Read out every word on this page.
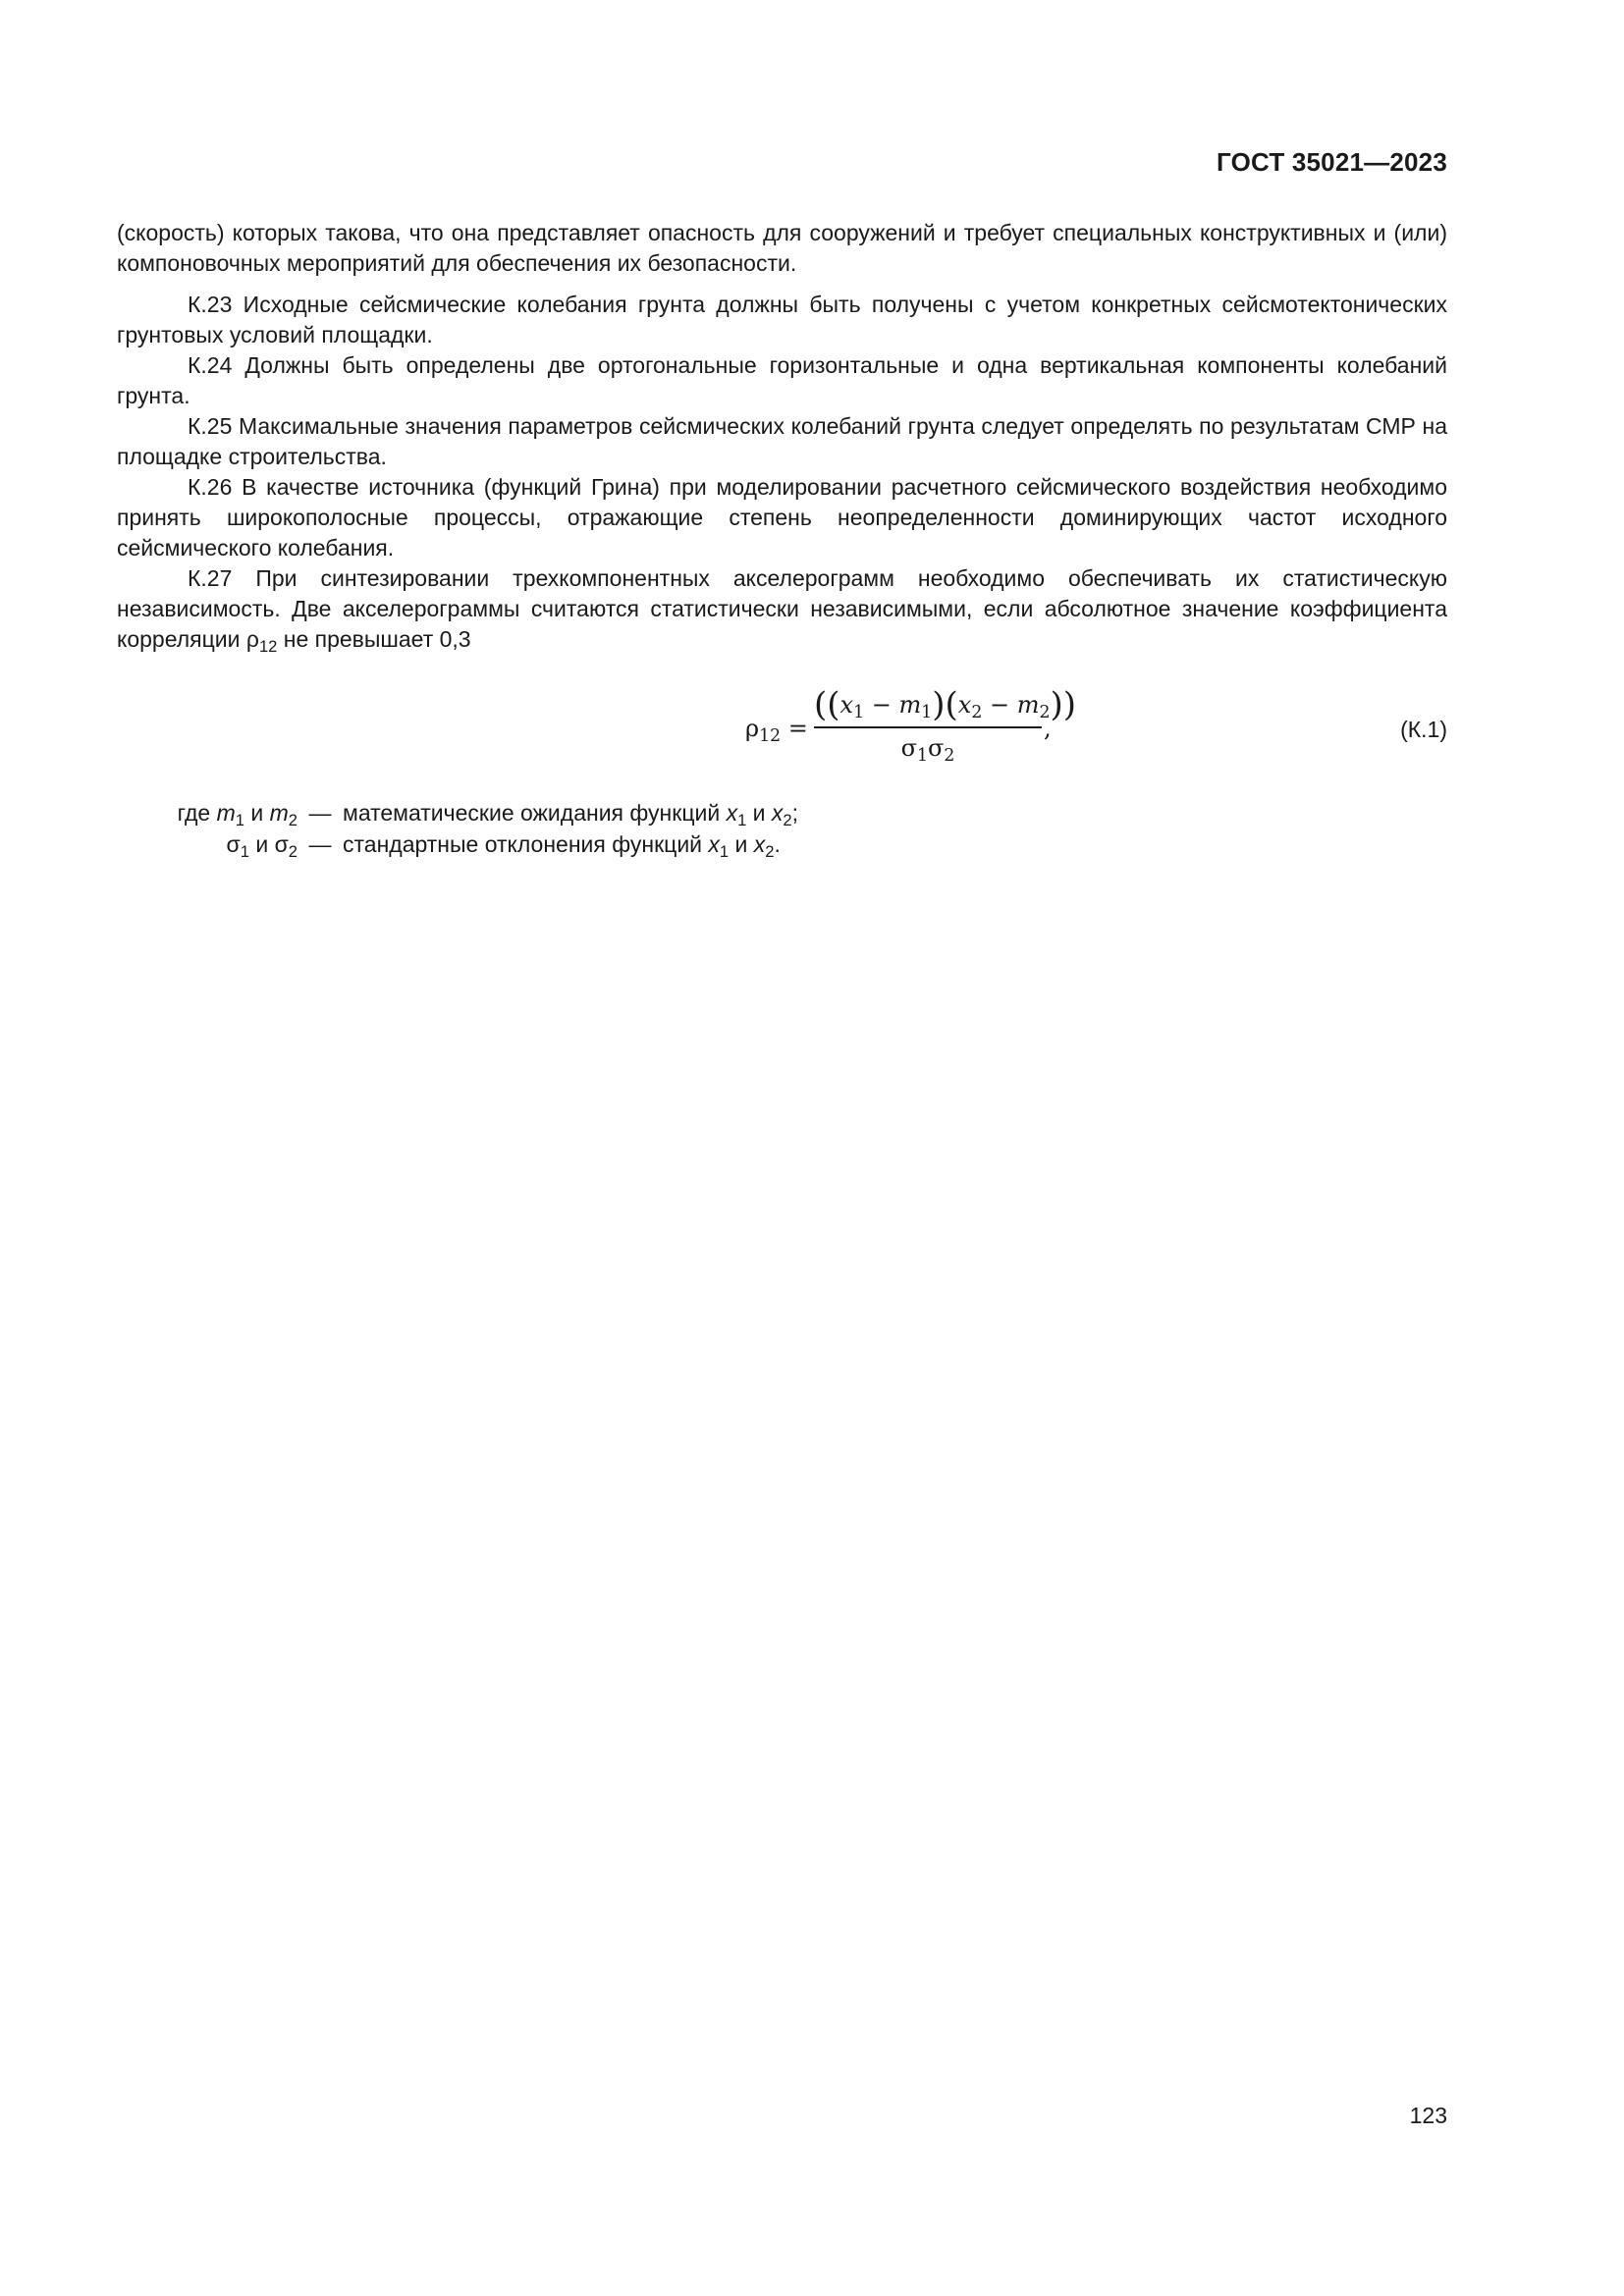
ГОСТ 35021—2023

(скорость) которых такова, что она представляет опасность для сооружений и требует специальных конструктивных и (или) компоновочных мероприятий для обеспечения их безопасности.

К.23 Исходные сейсмические колебания грунта должны быть получены с учетом конкретных сейсмотектонических грунтовых условий площадки.

К.24 Должны быть определены две ортогональные горизонтальные и одна вертикальная компоненты колебаний грунта.

К.25 Максимальные значения параметров сейсмических колебаний грунта следует определять по результатам СМР на площадке строительства.

К.26 В качестве источника (функций Грина) при моделировании расчетного сейсмического воздействия необходимо принять широкополосные процессы, отражающие степень неопределенности доминирующих частот исходного сейсмического колебания.

К.27 При синтезировании трехкомпонентных акселерограмм необходимо обеспечивать их статистическую независимость. Две акселерограммы считаются статистически независимыми, если абсолютное значение коэффициента корреляции $\rho_{12}$ не превышает 0,3

$\rho_{12}$ =
$((x_1 - m_1)(x_2 - m_2))$
$\sigma_1\sigma_2$
,	(К.1)
где $m_1$ и $m_2$ — математические ожидания функций $x_1$ и $x_2$;
$\sigma_1$ и $\sigma_2$ — стандартные отклонения функций $x_1$ и $x_2$.
123
